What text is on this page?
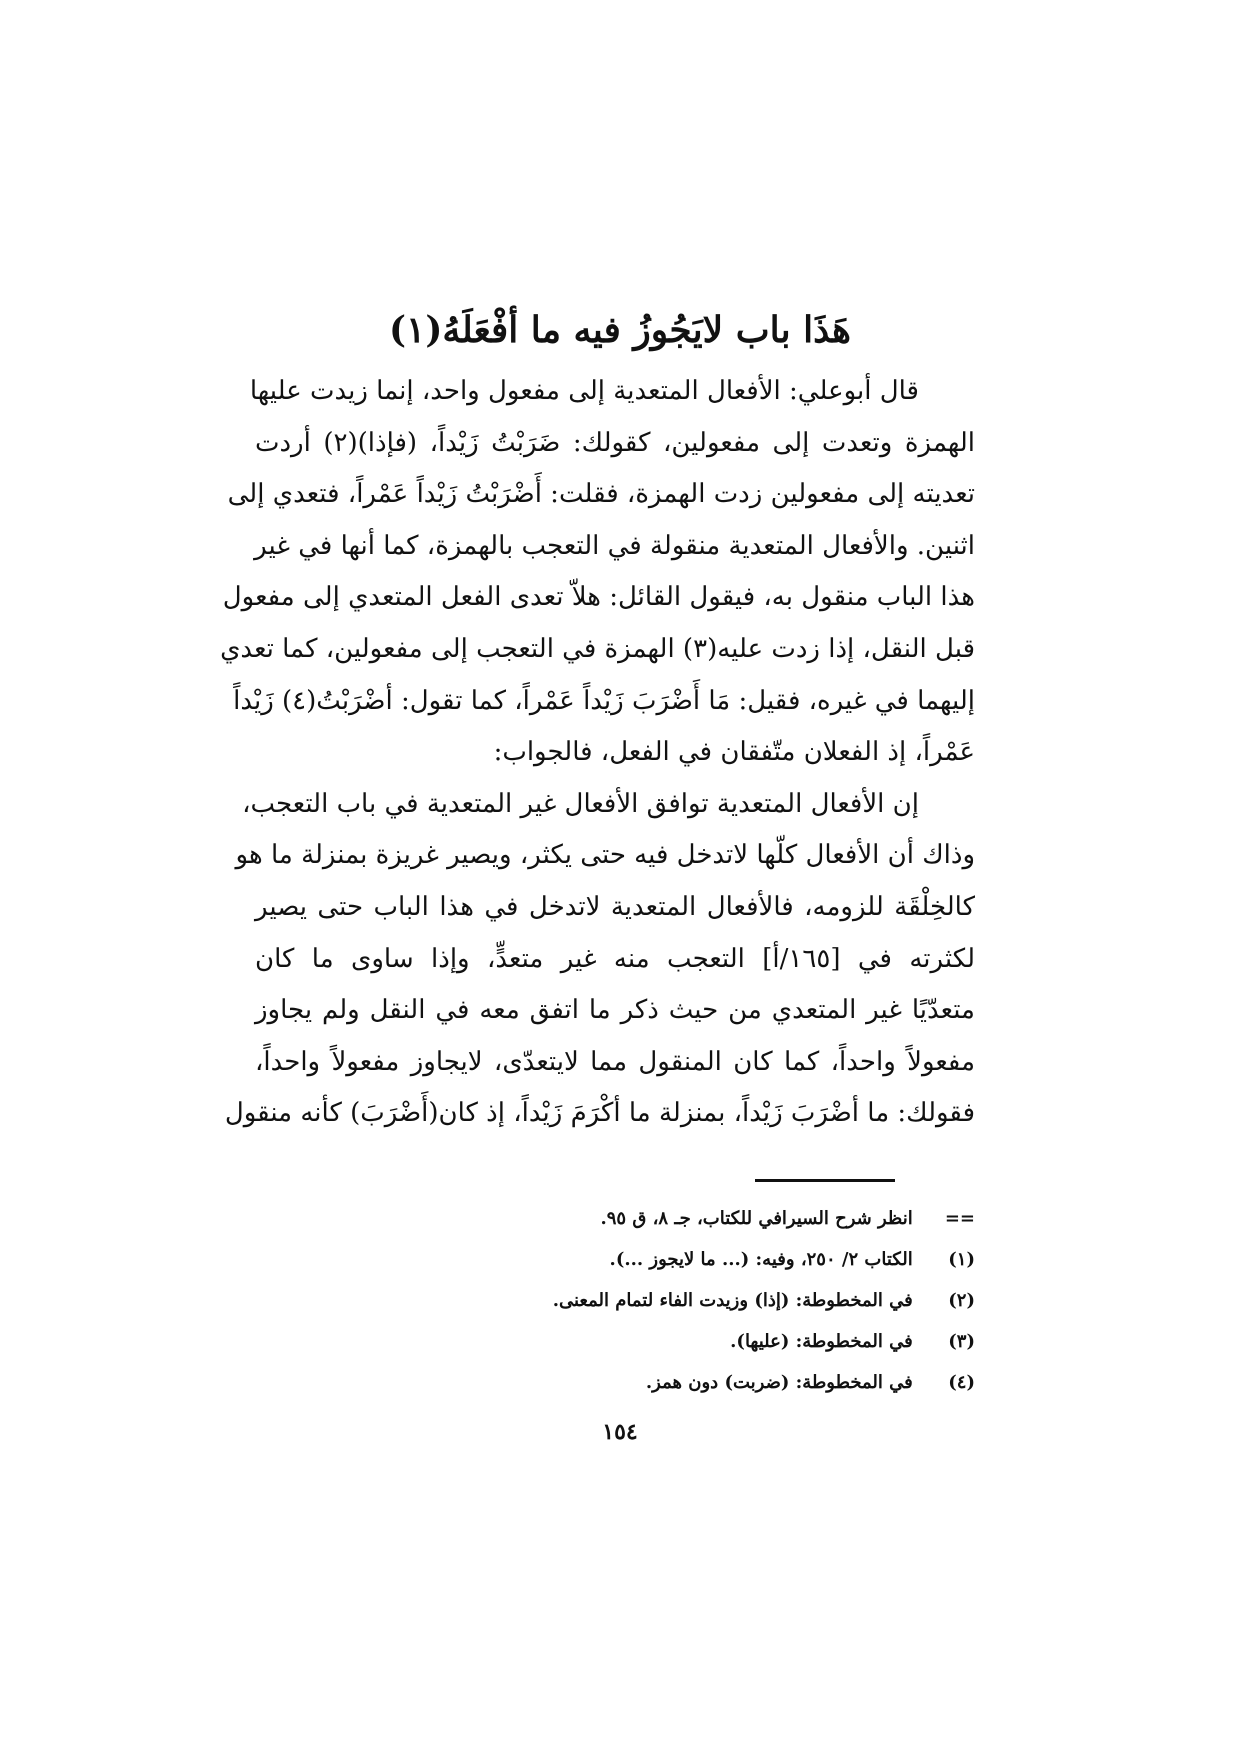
هَذَا باب لايَجُوزُ فيه ما أفْعَلَهُ(١)
قال أبوعلي: الأفعال المتعدية إلى مفعول واحد، إنما زيدت عليها
الهمزة وتعدت إلى مفعولين، كقولك: ضَرَبْتُ زَيْداً، (فإذا)(٢) أردت
تعديته إلى مفعولين زدت الهمزة، فقلت: أَضْرَبْتُ زَيْداً عَمْراً، فتعدي إلى
اثنين. والأفعال المتعدية منقولة في التعجب بالهمزة، كما أنها في غير
هذا الباب منقول به، فيقول القائل: هلاّ تعدى الفعل المتعدي إلى مفعول
قبل النقل، إذا زدت عليه(٣) الهمزة في التعجب إلى مفعولين، كما تعدي
إليهما في غيره، فقيل: مَا أَضْرَبَ زَيْداً عَمْراً، كما تقول: أضْرَبْتُ(٤) زَيْداً
عَمْراً، إذ الفعلان متّفقان في الفعل، فالجواب:
إن الأفعال المتعدية توافق الأفعال غير المتعدية في باب التعجب،
وذاك أن الأفعال كلّها لاتدخل فيه حتى يكثر، ويصير غريزة بمنزلة ما هو
كالخِلْقَة للزومه، فالأفعال المتعدية لاتدخل في هذا الباب حتى يصير
لكثرته في [١٦٥/أ] التعجب منه غير متعدٍّ، وإذا ساوى ما كان
متعدّيًا غير المتعدي من حيث ذكر ما اتفق معه في النقل ولم يجاوز
مفعولاً واحداً، كما كان المنقول مما لايتعدّى، لايجاوز مفعولاً واحداً،
فقولك: ما أضْرَبَ زَيْداً، بمنزلة ما أكْرَمَ زَيْداً، إذ كان(أَضْرَبَ) كأنه منقول
== انظر شرح السيرافي للكتاب، جـ ٨، ق ٩٥.
(١) الكتاب ٢/ ٢٥٠، وفيه: (... ما لايجوز ...).
(٢) في المخطوطة: (إذا) وزيدت الفاء لتمام المعنى.
(٣) في المخطوطة: (عليها).
(٤) في المخطوطة: (ضربت) دون همز.
١٥٤
